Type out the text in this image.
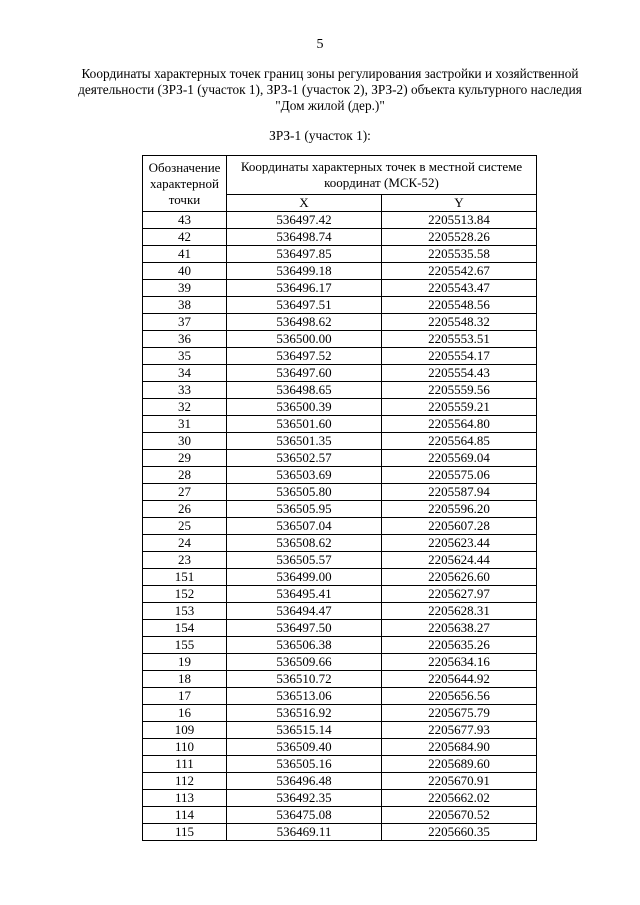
5
Координаты характерных точек границ зоны регулирования застройки и хозяйственной
деятельности (ЗРЗ-1 (участок 1), ЗРЗ-1 (участок 2), ЗРЗ-2) объекта культурного наследия
"Дом жилой (дер.)"
ЗРЗ-1 (участок 1):
Обозначение характерной точки	Координаты характерных точек в местной системе координат (МСК-52)	
	X	Y
43	536497.42	2205513.84
42	536498.74	2205528.26
41	536497.85	2205535.58
40	536499.18	2205542.67
39	536496.17	2205543.47
38	536497.51	2205548.56
37	536498.62	2205548.32
36	536500.00	2205553.51
35	536497.52	2205554.17
34	536497.60	2205554.43
33	536498.65	2205559.56
32	536500.39	2205559.21
31	536501.60	2205564.80
30	536501.35	2205564.85
29	536502.57	2205569.04
28	536503.69	2205575.06
27	536505.80	2205587.94
26	536505.95	2205596.20
25	536507.04	2205607.28
24	536508.62	2205623.44
23	536505.57	2205624.44
151	536499.00	2205626.60
152	536495.41	2205627.97
153	536494.47	2205628.31
154	536497.50	2205638.27
155	536506.38	2205635.26
19	536509.66	2205634.16
18	536510.72	2205644.92
17	536513.06	2205656.56
16	536516.92	2205675.79
109	536515.14	2205677.93
110	536509.40	2205684.90
111	536505.16	2205689.60
112	536496.48	2205670.91
113	536492.35	2205662.02
114	536475.08	2205670.52
115	536469.11	2205660.35
